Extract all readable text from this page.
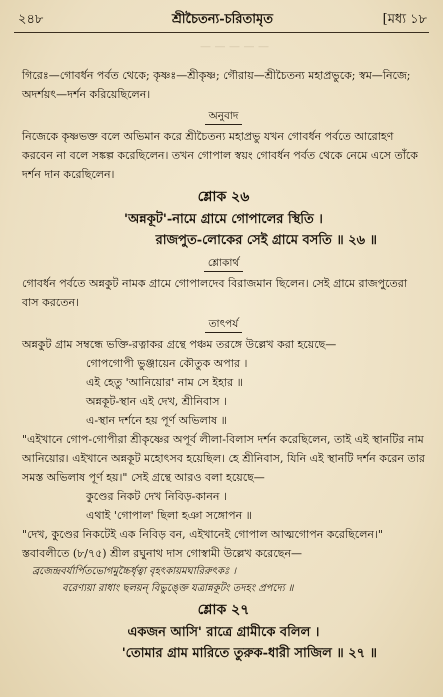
— — — — —
২৪৮	শ্রীচৈতন্য-চরিতামৃত	[মধ্য ১৮

গিরেঃ—গোবর্ধন পর্বত থেকে; কৃষ্ণঃ—শ্রীকৃষ্ণ; গৌরায়—শ্রীচৈতন্য মহাপ্রভুকে; স্বম—নিজে; অদর্শয়ৎ—দর্শন করিয়েছিলেন।

অনুবাদ

নিজেকে কৃষ্ণভক্ত বলে অভিমান করে শ্রীচৈতন্য মহাপ্রভু যখন গোবর্ধন পর্বতে আরোহণ করবেন না বলে সঙ্কল্প করেছিলেন। তখন গোপাল স্বয়ং গোবর্ধন পর্বত থেকে নেমে এসে তাঁকে দর্শন দান করেছিলেন।

শ্লোক ২৬

'অন্নকূট'-নামে গ্রামে গোপালের স্থিতি ।

রাজপুত-লোকের সেই গ্রামে বসতি ॥ ২৬ ॥

শ্লোকার্থ

গোবর্ধন পর্বতে অন্নকুট নামক গ্রামে গোপালদেব বিরাজমান ছিলেন। সেই গ্রামে রাজপুতেরা বাস করতেন।

তাৎপর্য

অন্নকুট গ্রাম সম্বন্ধে ভক্তি-রত্নাকর গ্রন্থে পঞ্চম তরঙ্গে উল্লেখ করা হয়েছে—

গোপগোপী ভুঞ্জায়েন কৌতুক অপার ।

এই হেতু 'আনিয়োর' নাম সে ইহার ॥

অন্নকূট-স্থান এই দেখ, শ্রীনিবাস ।

এ-স্থান দর্শনে হয় পূর্ণ অভিলাষ ॥

"এইখানে গোপ-গোপীরা শ্রীকৃষ্ণের অপূর্ব লীলা-বিলাস দর্শন করেছিলেন, তাই এই স্থানটির নাম আনিয়োর। এইখানে অন্নকূট মহোৎসব হয়েছিল। হে শ্রীনিবাস, যিনি এই স্থানটি দর্শন করেন তার সমস্ত অভিলাষ পূর্ণ হয়।" সেই গ্রন্থে আরও বলা হয়েছে—

কুণ্ডের নিকট দেখ নিবিড়-কানন ।

এথাই 'গোপাল' ছিলা হঞা সঙ্গোপন ॥

"দেখ, কুণ্ডের নিকটেই এক নিবিড় বন, এইখানেই গোপাল আত্মগোপন করেছিলেন।" স্তবাবলীতে (৮/৭৫) শ্রীল রঘুনাথ দাস গোস্বামী উল্লেখ করেছেন—

ব্রজেন্দ্রবর্যার্পিতভোগমুচ্চৈর্ধৃত্বা বৃহৎকায়মঘারিরুৎকঃ ।

বরেণ্যয়া রাধাং ছলয়ন্ বিভুঙ্ক্তে যত্রান্নকূটং তদহং প্রপদ্যে ॥

শ্লোক ২৭

একজন আসি' রাত্রে গ্রামীকে বলিল ।

'তোমার গ্রাম মারিতে তুরুক-ধারী সাজিল ॥ ২৭ ॥
